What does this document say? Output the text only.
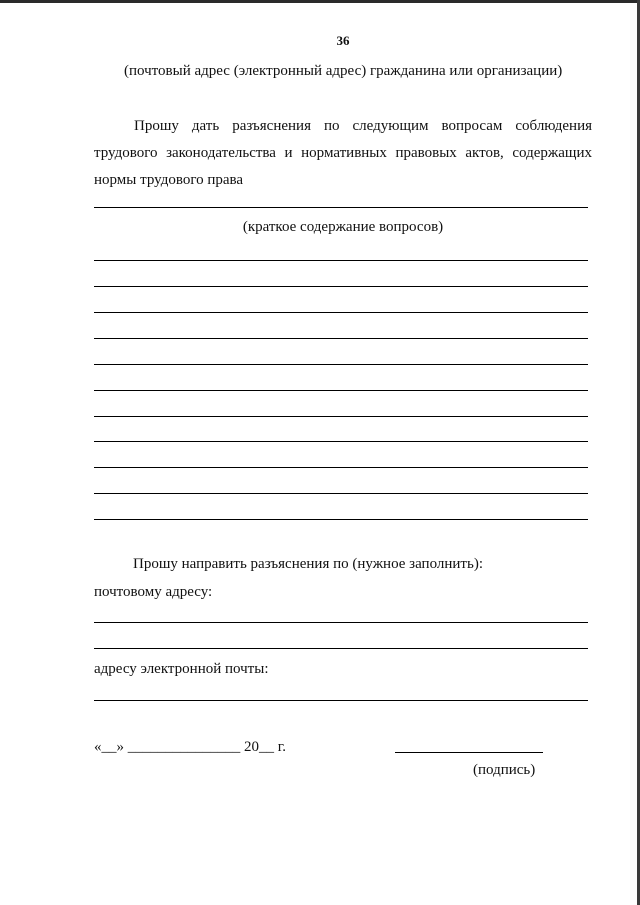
36
(почтовый адрес (электронный адрес) гражданина или организации)
Прошу дать разъяснения по следующим вопросам соблюдения трудового законодательства и нормативных правовых актов, содержащих нормы трудового права
(краткое содержание вопросов)
Прошу направить разъяснения по (нужное заполнить):
почтовому адресу:
адресу электронной почты:
«__» _______________ 20__ г.
(подпись)
